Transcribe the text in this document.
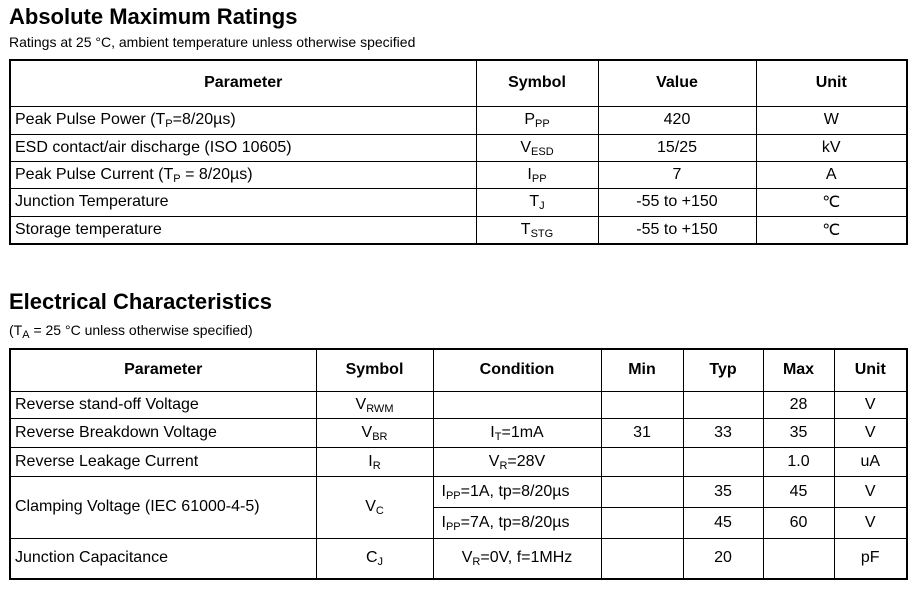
Absolute Maximum Ratings
Ratings at 25 °C, ambient temperature unless otherwise specified
Parameter	Symbol	Value	Unit
Peak Pulse Power $(T_P=8/20\mu s)$	$P_{PP}$	420	W
ESD contact/air discharge (ISO 10605)	$V_{ESD}$	15/25	kV
Peak Pulse Current $(T_P = 8/20\mu s)$	$I_{PP}$	7	A
Junction Temperature	$T_J$	-55 to +150	℃
Storage temperature	$T_{STG}$	-55 to +150	℃
Electrical Characteristics
($T_A = 25$ °C unless otherwise specified)
Parameter	Symbol	Condition	Min	Typ	Max	Unit
Reverse stand-off Voltage	$V_{RWM}$				28	V
Reverse Breakdown Voltage	$V_{BR}$	$I_T=1mA$	31	33	35	V
Reverse Leakage Current	$I_R$	$V_R=28V$			1.0	uA
Clamping Voltage (IEC 61000-4-5)	$V_C$	$I_{PP}=1A$, tp=8/20µs		35	45	V
		$I_{PP}=7A$, tp=8/20µs		45	60	V
Junction Capacitance	$C_J$	$V_R=0V$, f=1MHz		20		pF
